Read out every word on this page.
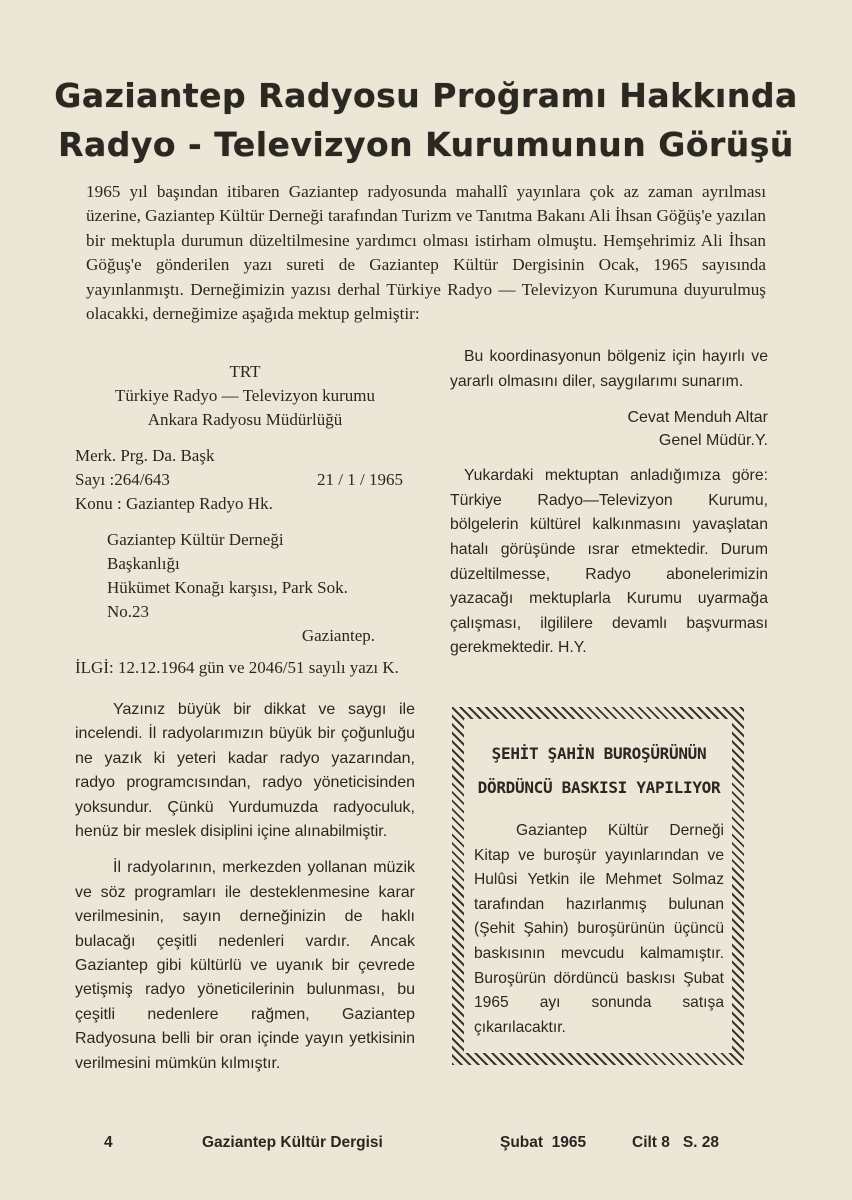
Gaziantep Radyosu Proğramı Hakkında
Radyo - Televizyon Kurumunun Görüşü

1965 yıl başından itibaren Gaziantep radyosunda mahallî yayınlara çok az zaman ayrılması üzerine, Gaziantep Kültür Derneği tarafından Turizm ve Tanıtma Bakanı Ali İhsan Göğüş'e yazılan bir mektupla durumun düzeltilmesine yardımcı olması istirham olmuştu. Hemşehrimiz Ali İhsan Göğuş'e gönderilen yazı sureti de Gaziantep Kültür Dergisinin Ocak, 1965 sayısında yayınlanmıştı. Derneğimizin yazısı derhal Türkiye Radyo — Televizyon Kurumuna duyurulmuş olacakki, derneğimize aşağıda mektup gelmiştir:

TRT

Türkiye Radyo — Televizyon kurumu

Ankara Radyosu Müdürlüğü

Merk. Prg. Da. Başk

Sayı :264/643	21 / 1 / 1965

Konu : Gaziantep Radyo Hk.

Gaziantep Kültür Derneği

Başkanlığı

Hükümet Konağı karşısı, Park Sok.

No.23

Gaziantep.

İLGİ: 12.12.1964 gün ve 2046/51 sayılı yazı K.

Yazınız büyük bir dikkat ve saygı ile incelendi. İl radyolarımızın büyük bir çoğunluğu ne yazık ki yeteri kadar radyo yazarından, radyo programcısından, radyo yöneticisinden yoksundur. Çünkü Yurdumuzda radyoculuk, henüz bir meslek disiplini içine alınabilmiştir.

İl radyolarının, merkezden yollanan müzik ve söz programları ile desteklenmesine karar verilmesinin, sayın derneğinizin de haklı bulacağı çeşitli nedenleri vardır. Ancak Gaziantep gibi kültürlü ve uyanık bir çevrede yetişmiş radyo yöneticilerinin bulunması, bu çeşitli nedenlere rağmen, Gaziantep Radyosuna belli bir oran içinde yayın yetkisinin verilmesini mümkün kılmıştır.

Bu koordinasyonun bölgeniz için hayırlı ve yararlı olmasını diler, saygılarımı sunarım.

Cevat Menduh Altar

Genel Müdür.Y.

Yukardaki mektuptan anladığımıza göre: Türkiye Radyo—Televizyon Kurumu, bölgelerin kültürel kalkınmasını yavaşlatan hatalı görüşünde ısrar etmektedir. Durum düzeltilmesse, Radyo abonelerimizin yazacağı mektuplarla Kurumu uyarmağa çalışması, ilgililere devamlı başvurması gerekmektedir. H.Y.

ŞEHİT ŞAHİN BUROŞÜRÜNÜN
DÖRDÜNCÜ BASKISI YAPILIYOR

Gaziantep Kültür Derneği Kitap ve buroşür yayınlarından ve Hulûsi Yetkin ile Mehmet Solmaz tarafından hazırlanmış bulunan (Şehit Şahin) buroşürünün üçüncü baskısının mevcudu kalmamıştır. Buroşürün dördüncü baskısı Şubat 1965 ayı sonunda satışa çıkarılacaktır.

4	Gaziantep Kültür Dergisi	Şubat  1965	Cilt 8   S. 28
